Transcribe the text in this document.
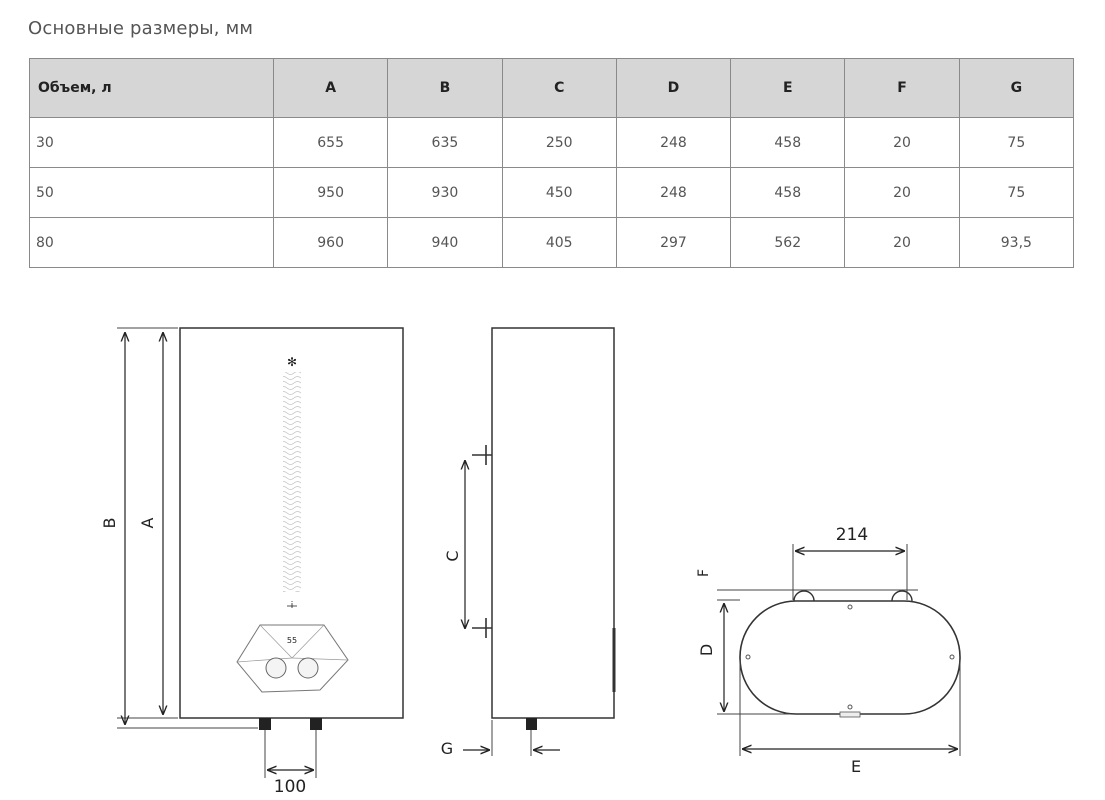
Основные размеры, мм
Объем, л	A	B	C	D	E	F	G
30	655	635	250	248	458	20	75
50	950	930	450	248	458	20	75
80	960	940	405	297	562	20	93,5
✻
i
55
B A
100
C
G
214
F
D
E
